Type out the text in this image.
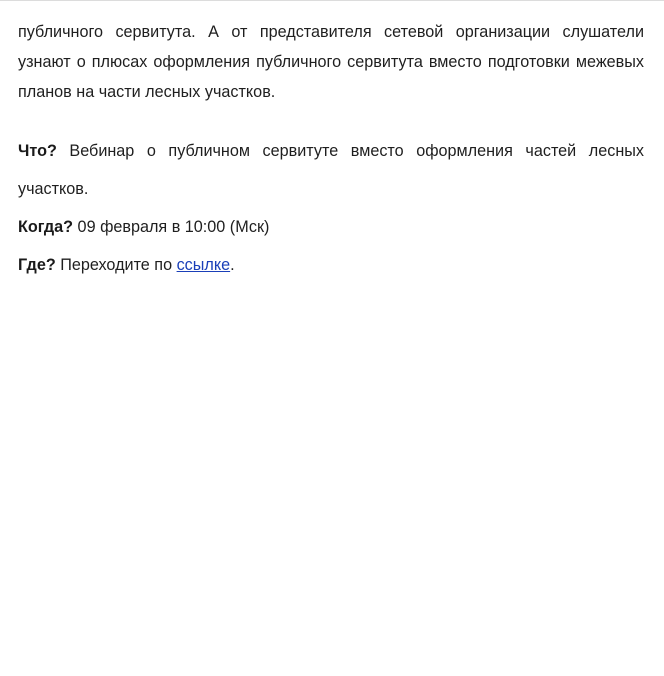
публичного сервитута. А от представителя сетевой организации слушатели узнают о плюсах оформления публичного сервитута вместо подготовки межевых планов на части лесных участков.

Что? Вебинар о публичном сервитуте вместо оформления частей лесных участков.

Когда? 09 февраля в 10:00 (Мск)

Где? Переходите по ссылке.
